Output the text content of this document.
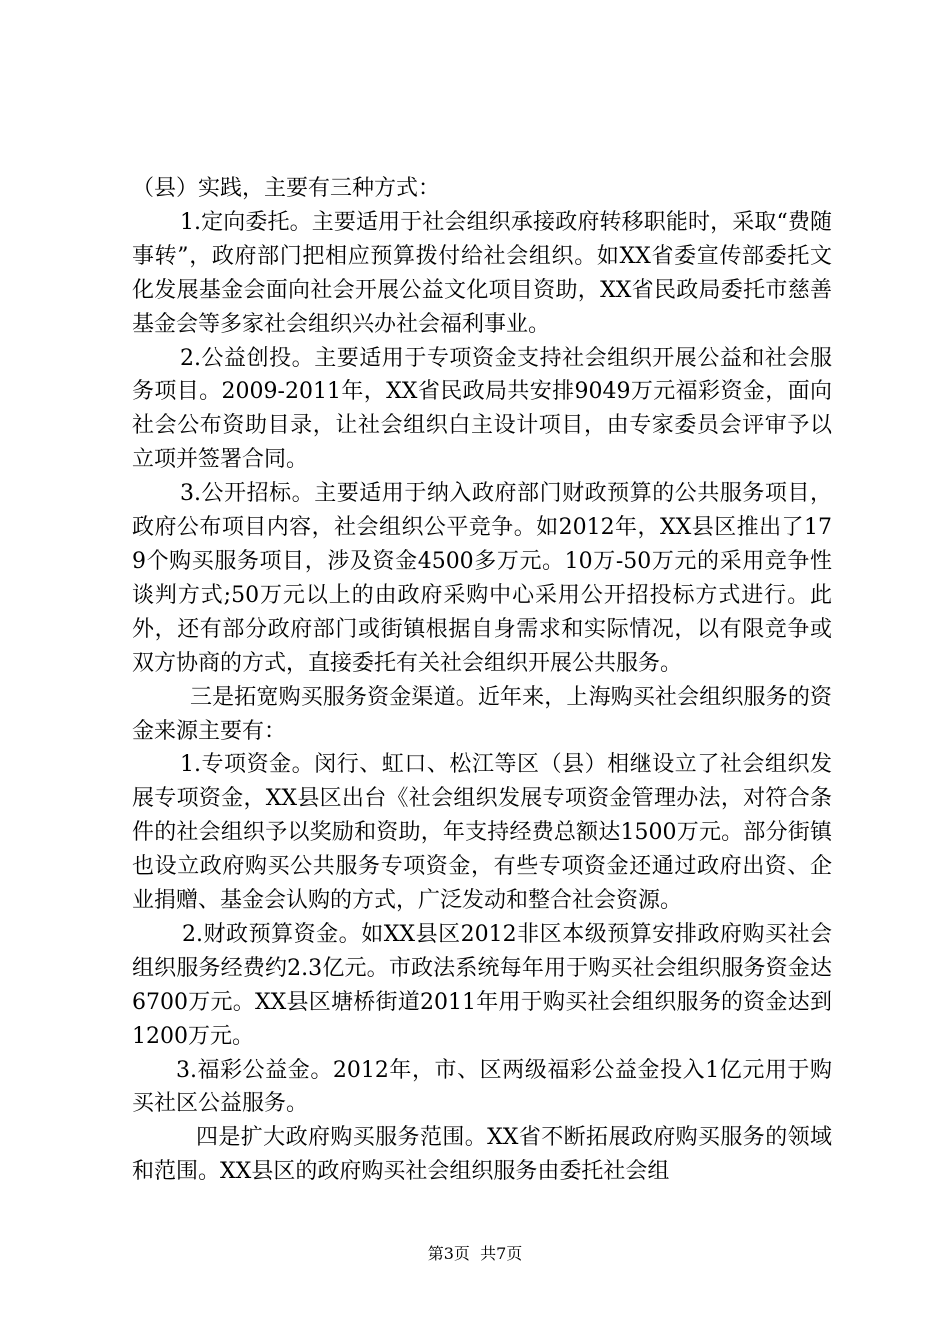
（县）实践，主要有三种方式：

1.定向委托。主要适用于社会组织承接政府转移职能时，采取“费随事转”，政府部门把相应预算拨付给社会组织。如XX省委宣传部委托文化发展基金会面向社会开展公益文化项目资助，XX省民政局委托市慈善基金会等多家社会组织兴办社会福利事业。

2.公益创投。主要适用于专项资金支持社会组织开展公益和社会服务项目。2009-2011年，XX省民政局共安排9049万元福彩资金，面向社会公布资助目录，让社会组织白主设计项目，由专家委员会评审予以立项并签署合同。

3.公开招标。主要适用于纳入政府部门财政预算的公共服务项目，政府公布项目内容，社会组织公平竞争。如2012年，XX县区推出了179个购买服务项目，涉及资金4500多万元。10万-50万元的采用竞争性谈判方式;50万元以上的由政府采购中心采用公开招投标方式进行。此外，还有部分政府部门或街镇根据自身需求和实际情况，以有限竞争或双方协商的方式，直接委托有关社会组织开展公共服务。

三是拓宽购买服务资金渠道。近年来，上海购买社会组织服务的资金来源主要有：

1.专项资金。闵行、虹口、松江等区（县）相继设立了社会组织发展专项资金，XX县区出台《社会组织发展专项资金管理办法，对符合条件的社会组织予以奖励和资助，年支持经费总额达1500万元。部分街镇也设立政府购买公共服务专项资金，有些专项资金还通过政府出资、企业捐赠、基金会认购的方式，广泛发动和整合社会资源。

2.财政预算资金。如XX县区2012非区本级预算安排政府购买社会组织服务经费约2.3亿元。市政法系统每年用于购买社会组织服务资金达6700万元。XX县区塘桥街道2011年用于购买社会组织服务的资金达到1200万元。

3.福彩公益金。2012年，市、区两级福彩公益金投入1亿元用于购买社区公益服务。

四是扩大政府购买服务范围。XX省不断拓展政府购买服务的领域和范围。XX县区的政府购买社会组织服务由委托社会组

第3页  共7页
